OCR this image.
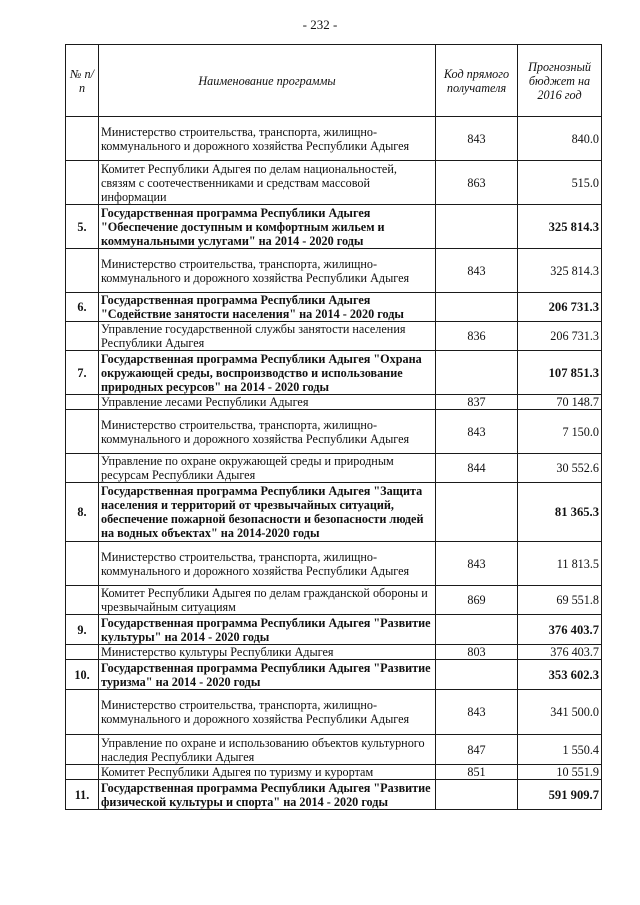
- 232 -
№ п/п	Наименование программы	Код прямого получателя	Прогнозный бюджет на 2016 год
	Министерство строительства, транспорта, жилищно-коммунального и дорожного хозяйства Республики Адыгея	843	840.0
	Комитет Республики Адыгея по делам национальностей, связям с соотечественниками и средствам массовой информации	863	515.0
5.	Государственная программа Республики Адыгея "Обеспечение доступным и комфортным жильем и коммунальными услугами" на 2014 - 2020 годы		325 814.3
	Министерство строительства, транспорта, жилищно-коммунального и дорожного хозяйства Республики Адыгея	843	325 814.3
6.	Государственная программа Республики Адыгея "Содействие занятости населения" на 2014 - 2020 годы		206 731.3
	Управление государственной службы занятости населения Республики Адыгея	836	206 731.3
7.	Государственная программа Республики Адыгея "Охрана окружающей среды, воспроизводство и использование природных ресурсов" на 2014 - 2020 годы		107 851.3
	Управление лесами Республики Адыгея	837	70 148.7
	Министерство строительства, транспорта, жилищно-коммунального и дорожного хозяйства Республики Адыгея	843	7 150.0
	Управление по охране окружающей среды и природным ресурсам Республики Адыгея	844	30 552.6
8.	Государственная программа Республики Адыгея "Защита населения и территорий от чрезвычайных ситуаций, обеспечение пожарной безопасности и безопасности людей на водных объектах" на 2014-2020 годы		81 365.3
	Министерство строительства, транспорта, жилищно-коммунального и дорожного хозяйства Республики Адыгея	843	11 813.5
	Комитет Республики Адыгея по делам гражданской обороны и чрезвычайным ситуациям	869	69 551.8
9.	Государственная программа Республики Адыгея "Развитие культуры" на 2014 - 2020 годы		376 403.7
	Министерство культуры Республики Адыгея	803	376 403.7
10.	Государственная программа Республики Адыгея "Развитие туризма" на 2014 - 2020 годы		353 602.3
	Министерство строительства, транспорта, жилищно-коммунального и дорожного хозяйства Республики Адыгея	843	341 500.0
	Управление по охране и использованию объектов культурного наследия Республики Адыгея	847	1 550.4
	Комитет Республики Адыгея по туризму и курортам	851	10 551.9
11.	Государственная программа Республики Адыгея "Развитие физической культуры и спорта" на 2014 - 2020 годы		591 909.7
